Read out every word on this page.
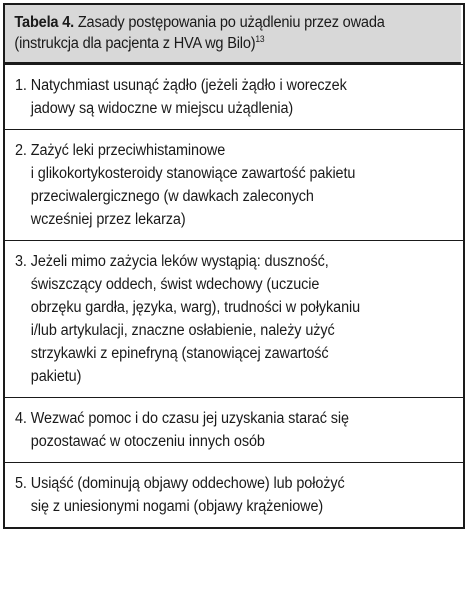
Tabela 4. Zasady postępowania po użądleniu przez owada (instrukcja dla pacjenta z HVA wg Bilo)$^{13}$
1.
Natychmiast usunąć żądło (jeżeli żądło i woreczek
jadowy są widoczne w miejscu użądlenia)
2.
Zażyć leki przeciwhistaminowe
i glikokortykosteroidy stanowiące zawartość pakietu
przeciwalergicznego (w dawkach zaleconych
wcześniej przez lekarza)
3.
Jeżeli mimo zażycia leków wystąpią: duszność,
świszczący oddech, świst wdechowy (uczucie
obrzęku gardła, języka, warg), trudności w połykaniu
i/lub artykulacji, znaczne osłabienie, należy użyć
strzykawki z epinefryną (stanowiącej zawartość
pakietu)
4.
Wezwać pomoc i do czasu jej uzyskania starać się
pozostawać w otoczeniu innych osób
5.
Usiąść (dominują objawy oddechowe) lub położyć
się z uniesionymi nogami (objawy krążeniowe)
